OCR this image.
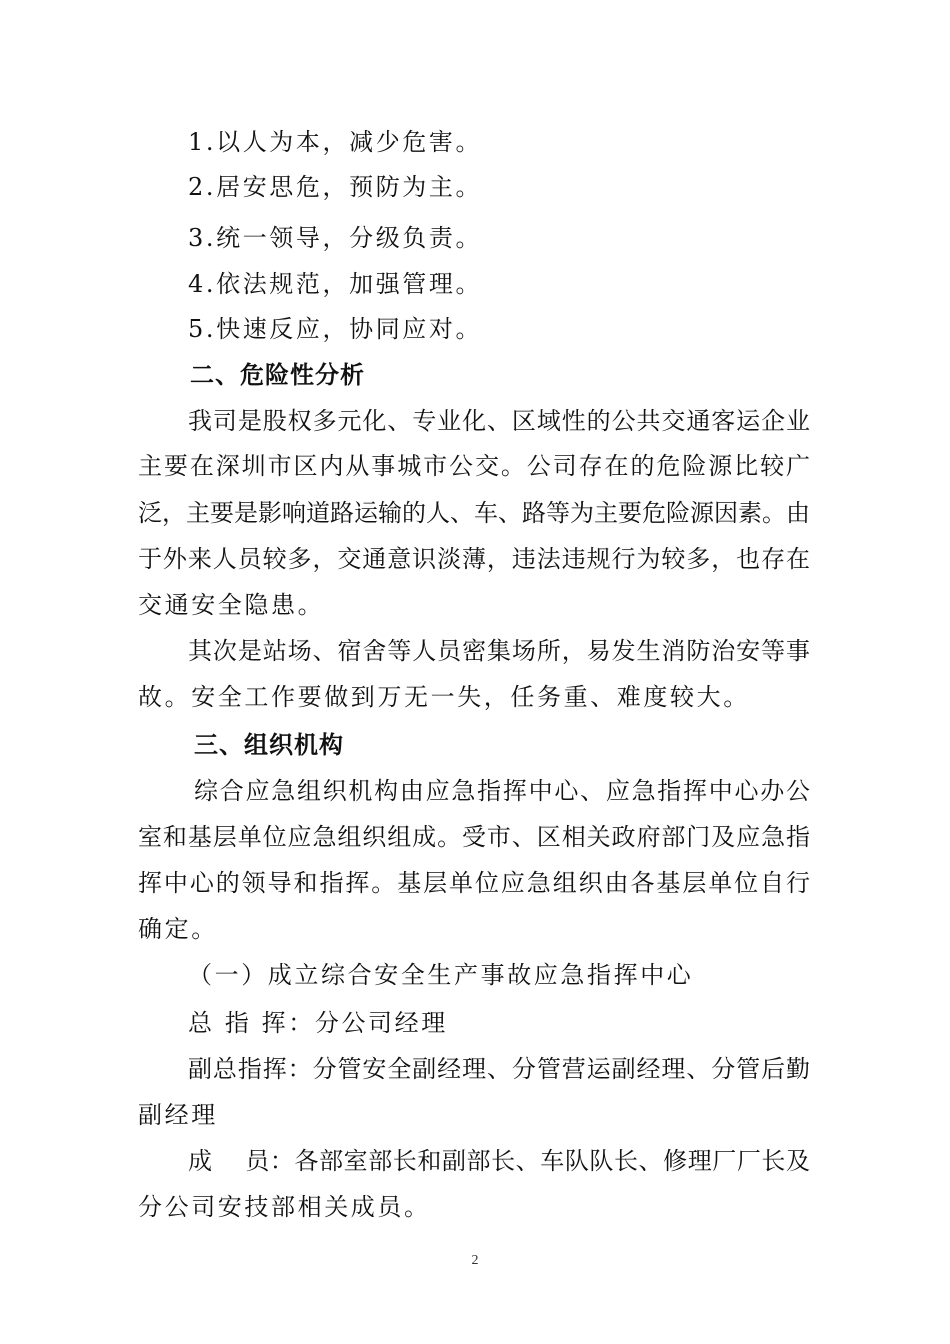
1.以人为本，减少危害。
2.居安思危，预防为主。
3.统一领导，分级负责。
4.依法规范，加强管理。
5.快速反应，协同应对。
二、危险性分析
我司是股权多元化、专业化、区域性的公共交通客运企业
主要在深圳市区内从事城市公交。公司存在的危险源比较广
泛，主要是影响道路运输的人、车、路等为主要危险源因素。由
于外来人员较多，交通意识淡薄，违法违规行为较多，也存在
交通安全隐患。
其次是站场、宿舍等人员密集场所，易发生消防治安等事
故。安全工作要做到万无一失，任务重、难度较大。
三、组织机构
综合应急组织机构由应急指挥中心、应急指挥中心办公
室和基层单位应急组织组成。受市、区相关政府部门及应急指
挥中心的领导和指挥。基层单位应急组织由各基层单位自行
确定。
（一）成立综合安全生产事故应急指挥中心
总 指 挥：分公司经理
副总指挥：分管安全副经理、分管营运副经理、分管后勤
副经理
成　 员：各部室部长和副部长、车队队长、修理厂厂长及
分公司安技部相关成员。
2
